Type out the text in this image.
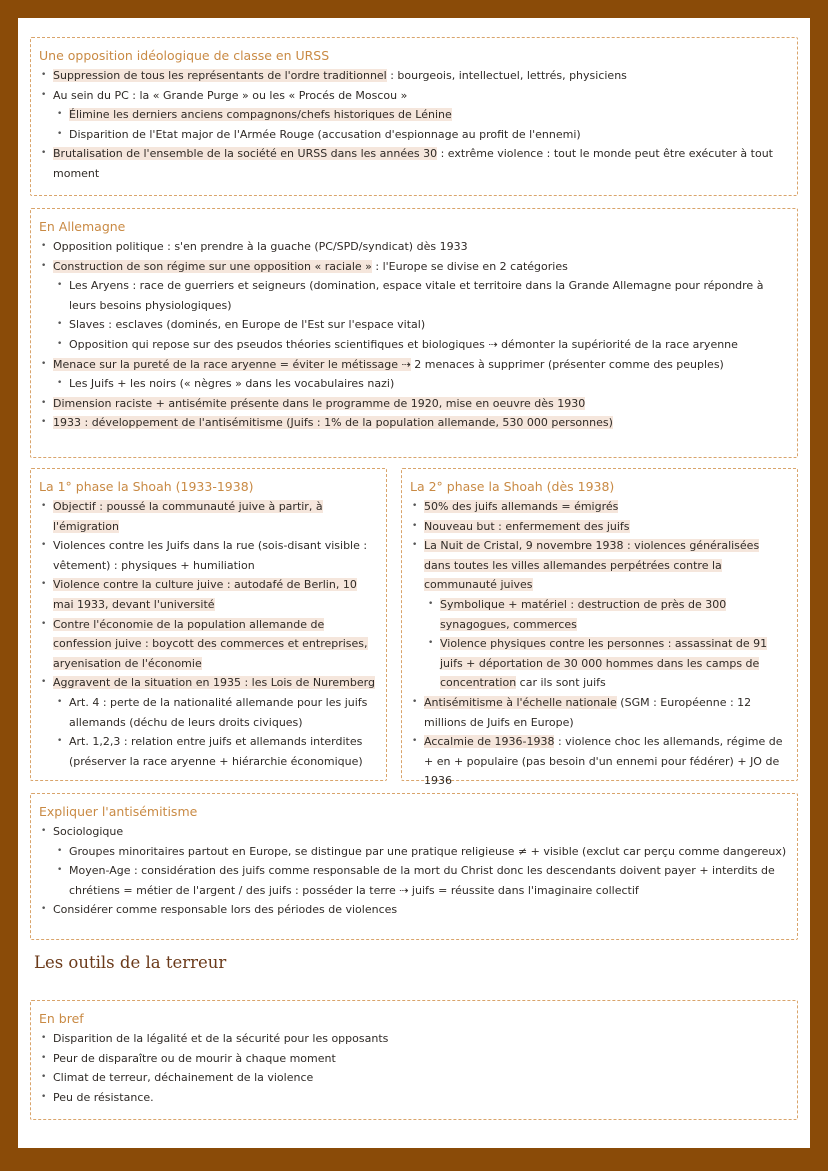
Une opposition idéologique de classe en URSS
• Suppression de tous les représentants de l'ordre traditionnel : bourgeois, intellectuel, lettrés, physiciens
• Au sein du PC : la « Grande Purge » ou les « Procés de Moscou »
• Élimine les derniers anciens compagnons/chefs historiques de Lénine
• Disparition de l'Etat major de l'Armée Rouge (accusation d'espionnage au profit de l'ennemi)
• Brutalisation de l'ensemble de la société en URSS dans les années 30 : extrême violence : tout le monde peut être exécuter à tout moment
En Allemagne
• Opposition politique : s'en prendre à la guache (PC/SPD/syndicat) dès 1933
• Construction de son régime sur une opposition « raciale » : l'Europe se divise en 2 catégories
• Les Aryens : race de guerriers et seigneurs (domination, espace vitale et territoire dans la Grande Allemagne pour répondre à leurs besoins physiologiques)
• Slaves : esclaves (dominés, en Europe de l'Est sur l'espace vital)
• Opposition qui repose sur des pseudos théories scientifiques et biologiques ⇢ démonter la supériorité de la race aryenne
• Menace sur la pureté de la race aryenne = éviter le métissage ⇢ 2 menaces à supprimer (présenter comme des peuples)
• Les Juifs + les noirs (« nègres » dans les vocabulaires nazi)
• Dimension raciste + antisémite présente dans le programme de 1920, mise en oeuvre dès 1930
• 1933 : développement de l'antisémitisme (Juifs : 1% de la population allemande, 530 000 personnes)
La 1° phase la Shoah (1933-1938)
• Objectif : poussé la communauté juive à partir, à l'émigration
• Violences contre les Juifs dans la rue (sois-disant visible : vêtement) : physiques + humiliation
• Violence contre la culture juive : autodafé de Berlin, 10 mai 1933, devant l'université
• Contre l'économie de la population allemande de confession juive : boycott des commerces et entreprises, aryenisation de l'économie
• Aggravent de la situation en 1935 : les Lois de Nuremberg
• Art. 4 : perte de la nationalité allemande pour les juifs allemands (déchu de leurs droits civiques)
• Art. 1,2,3 : relation entre juifs et allemands interdites (préserver la race aryenne + hiérarchie économique)
La 2° phase la Shoah (dès 1938)
• 50% des juifs allemands = émigrés
• Nouveau but : enfermement des juifs
• La Nuit de Cristal, 9 novembre 1938 : violences généralisées dans toutes les villes allemandes perpétrées contre la communauté juives
• Symbolique + matériel : destruction de près de 300 synagogues, commerces
• Violence physiques contre les personnes : assassinat de 91 juifs + déportation de 30 000 hommes dans les camps de concentration car ils sont juifs
• Antisémitisme à l'échelle nationale (SGM : Européenne : 12 millions de Juifs en Europe)
• Accalmie de 1936-1938 : violence choc les allemands, régime de + en + populaire (pas besoin d'un ennemi pour fédérer) + JO de 1936
Expliquer l'antisémitisme
• Sociologique
• Groupes minoritaires partout en Europe, se distingue par une pratique religieuse ≠ + visible (exclut car perçu comme dangereux)
• Moyen-Age : considération des juifs comme responsable de la mort du Christ donc les descendants doivent payer + interdits de chrétiens = métier de l'argent / des juifs : posséder la terre ⇢ juifs = réussite dans l'imaginaire collectif
• Considérer comme responsable lors des périodes de violences
Les outils de la terreur
En bref
• Disparition de la légalité et de la sécurité pour les opposants
• Peur de disparaître ou de mourir à chaque moment
• Climat de terreur, déchainement de la violence
• Peu de résistance.
